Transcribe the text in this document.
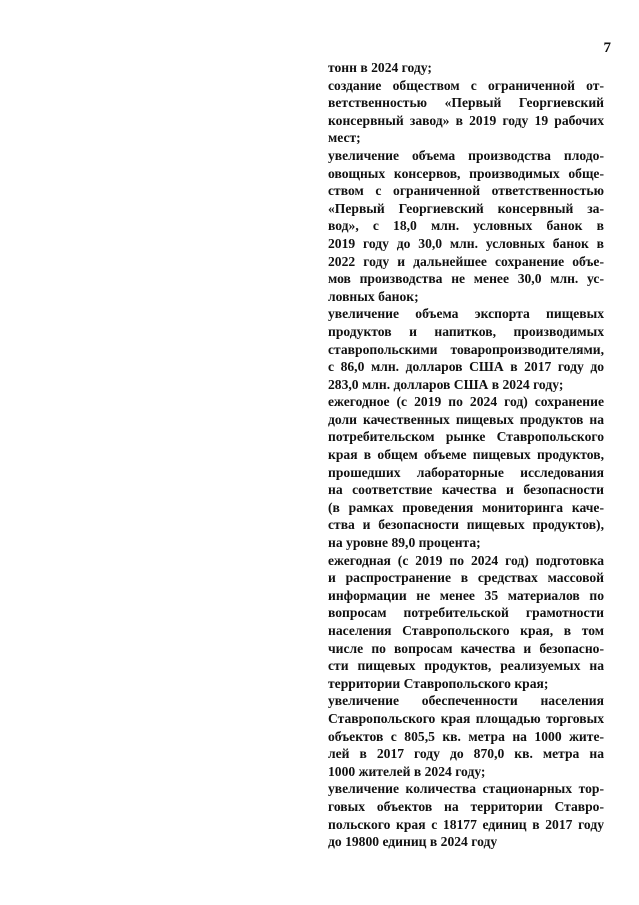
7
тонн в 2024 году;
создание обществом с ограниченной от-
ветственностью «Первый Георгиевский
консервный завод» в 2019 году 19 рабочих
мест;
увеличение объема производства плодо-
овощных консервов, производимых обще-
ством с ограниченной ответственностью
«Первый Георгиевский консервный за-
вод», с 18,0 млн. условных банок в
2019 году до 30,0 млн. условных банок в
2022 году и дальнейшее сохранение объе-
мов производства не менее 30,0 млн. ус-
ловных банок;
увеличение объема экспорта пищевых
продуктов и напитков, производимых
ставропольскими товаропроизводителями,
с 86,0 млн. долларов США в 2017 году до
283,0 млн. долларов США в 2024 году;
ежегодное (с 2019 по 2024 год) сохранение
доли качественных пищевых продуктов на
потребительском рынке Ставропольского
края в общем объеме пищевых продуктов,
прошедших лабораторные исследования
на соответствие качества и безопасности
(в рамках проведения мониторинга каче-
ства и безопасности пищевых продуктов),
на уровне 89,0 процента;
ежегодная (с 2019 по 2024 год) подготовка
и распространение в средствах массовой
информации не менее 35 материалов по
вопросам потребительской грамотности
населения Ставропольского края, в том
числе по вопросам качества и безопасно-
сти пищевых продуктов, реализуемых на
территории Ставропольского края;
увеличение обеспеченности населения
Ставропольского края площадью торговых
объектов с 805,5 кв. метра на 1000 жите-
лей в 2017 году до 870,0 кв. метра на
1000 жителей в 2024 году;
увеличение количества стационарных тор-
говых объектов на территории Ставро-
польского края с 18177 единиц в 2017 году
до 19800 единиц в 2024 году
